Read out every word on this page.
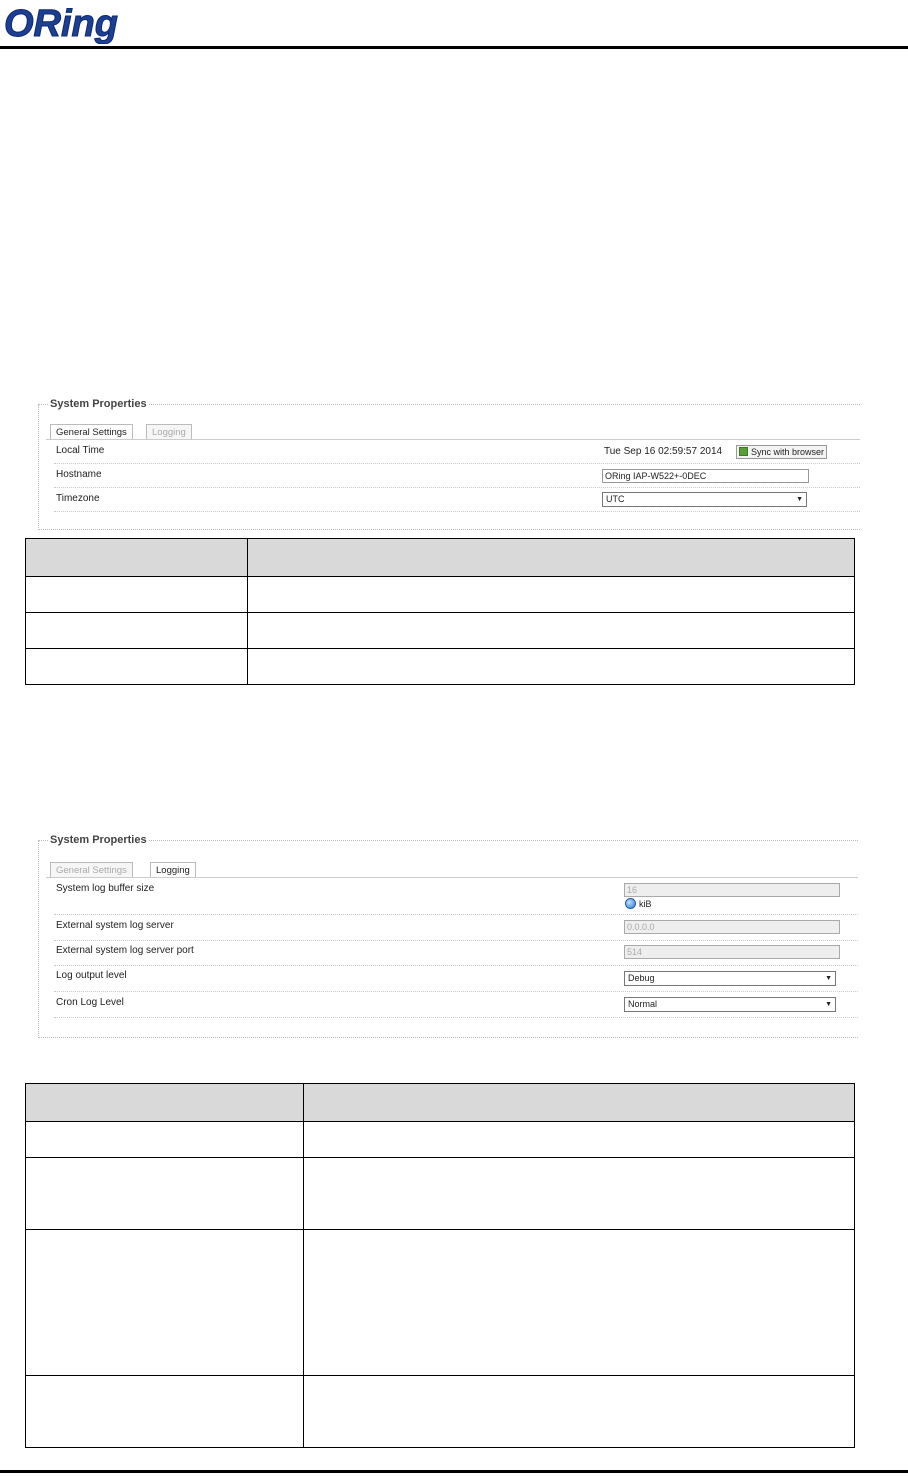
ORing
System Properties
General Settings	Logging
Local Time	Tue Sep 16 02:59:57 2014	Sync with browser
Hostname	ORing IAP-W522+-0DEC
Timezone	UTC	▼

System Properties
General Settings	Logging
System log buffer size	16
kiB
External system log server	0.0.0.0
External system log server port	514
Log output level	Debug	▼
Cron Log Level	Normal	▼
